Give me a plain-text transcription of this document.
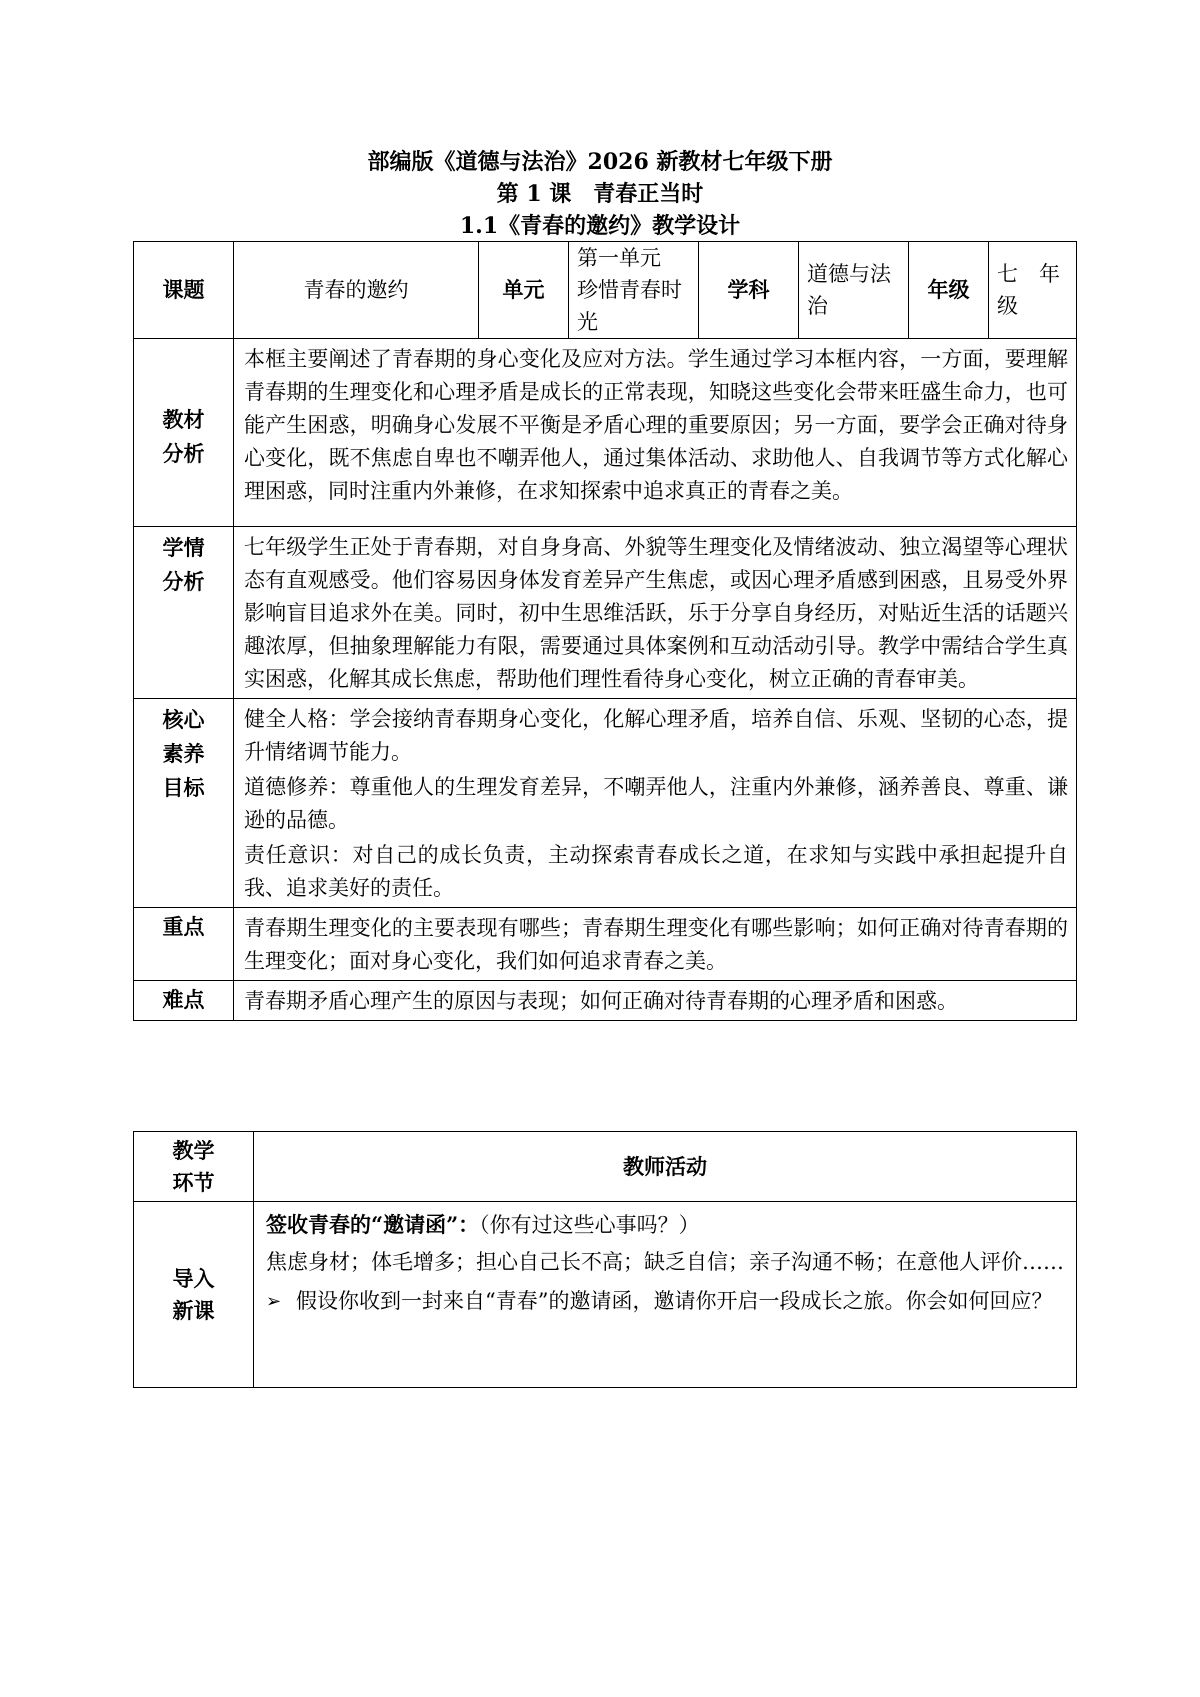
部编版《道德与法治》2026 新教材七年级下册
第 1 课　青春正当时
1.1《青春的邀约》教学设计
课题	青春的邀约	单元	第一单元　珍惜青春时光	学科	道德与法治	年级	七　年级

教材分析	本框主要阐述了青春期的身心变化及应对方法。学生通过学习本框内容，一方面，要理解青春期的生理变化和心理矛盾是成长的正常表现，知晓这些变化会带来旺盛生命力，也可能产生困惑，明确身心发展不平衡是矛盾心理的重要原因；另一方面，要学会正确对待身心变化，既不焦虑自卑也不嘲弄他人，通过集体活动、求助他人、自我调节等方式化解心理困惑，同时注重内外兼修，在求知探索中追求真正的青春之美。						

学情分析	七年级学生正处于青春期，对自身身高、外貌等生理变化及情绪波动、独立渴望等心理状态有直观感受。他们容易因身体发育差异产生焦虑，或因心理矛盾感到困惑，且易受外界影响盲目追求外在美。同时，初中生思维活跃，乐于分享自身经历，对贴近生活的话题兴趣浓厚，但抽象理解能力有限，需要通过具体案例和互动活动引导。教学中需结合学生真实困惑，化解其成长焦虑，帮助他们理性看待身心变化，树立正确的青春审美。						

核心素养目标	健全人格：学会接纳青春期身心变化，化解心理矛盾，培养自信、乐观、坚韧的心态，提升情绪调节能力。
道德修养：尊重他人的生理发育差异，不嘲弄他人，注重内外兼修，涵养善良、尊重、谦逊的品德。
责任意识：对自己的成长负责，主动探索青春成长之道，在求知与实践中承担起提升自我、追求美好的责任。						

重点	青春期生理变化的主要表现有哪些；青春期生理变化有哪些影响；如何正确对待青春期的生理变化；面对身心变化，我们如何追求青春之美。						

难点	青春期矛盾心理产生的原因与表现；如何正确对待青春期的心理矛盾和困惑。						
教学环节	教师活动

导入新课	签收青春的“邀请函”：（你有过这些心事吗？）
焦虑身材；体毛增多；担心自己长不高；缺乏自信；亲子沟通不畅；在意他人评价……
➢ 假设你收到一封来自“青春”的邀请函，邀请你开启一段成长之旅。你会如何回应？
